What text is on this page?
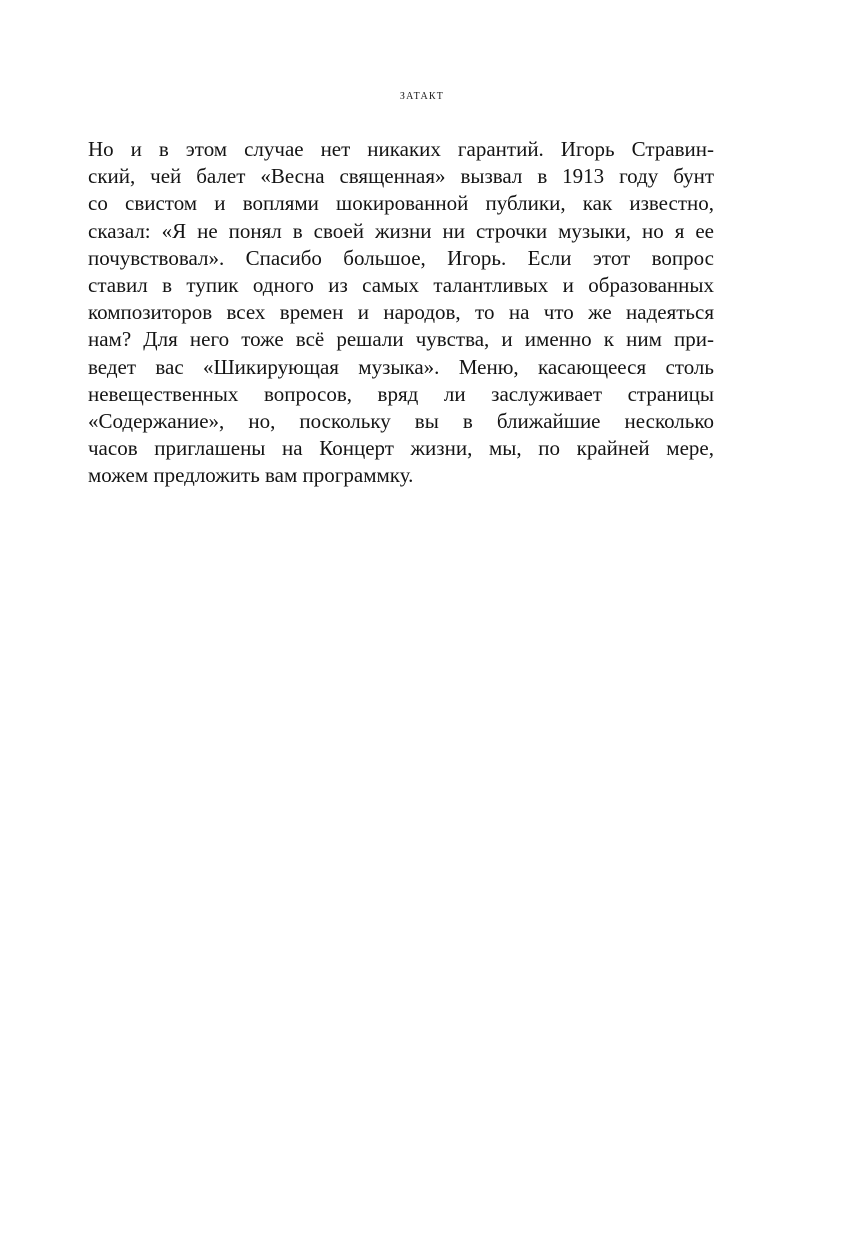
затакт
Но и в этом случае нет никаких гарантий. Игорь Стравин-
ский, чей балет «Весна священная» вызвал в 1913 году бунт
со свистом и воплями шокированной публики, как известно,
сказал: «Я не понял в своей жизни ни строчки музыки, но я ее
почувствовал». Спасибо большое, Игорь. Если этот вопрос
ставил в тупик одного из самых талантливых и образованных
композиторов всех времен и народов, то на что же надеяться
нам? Для него тоже всё решали чувства, и именно к ним при-
ведет вас «Шикирующая музыка». Меню, касающееся столь
невещественных вопросов, вряд ли заслуживает страницы
«Содержание», но, поскольку вы в ближайшие несколько
часов приглашены на Концерт жизни, мы, по крайней мере,
можем предложить вам программку.
